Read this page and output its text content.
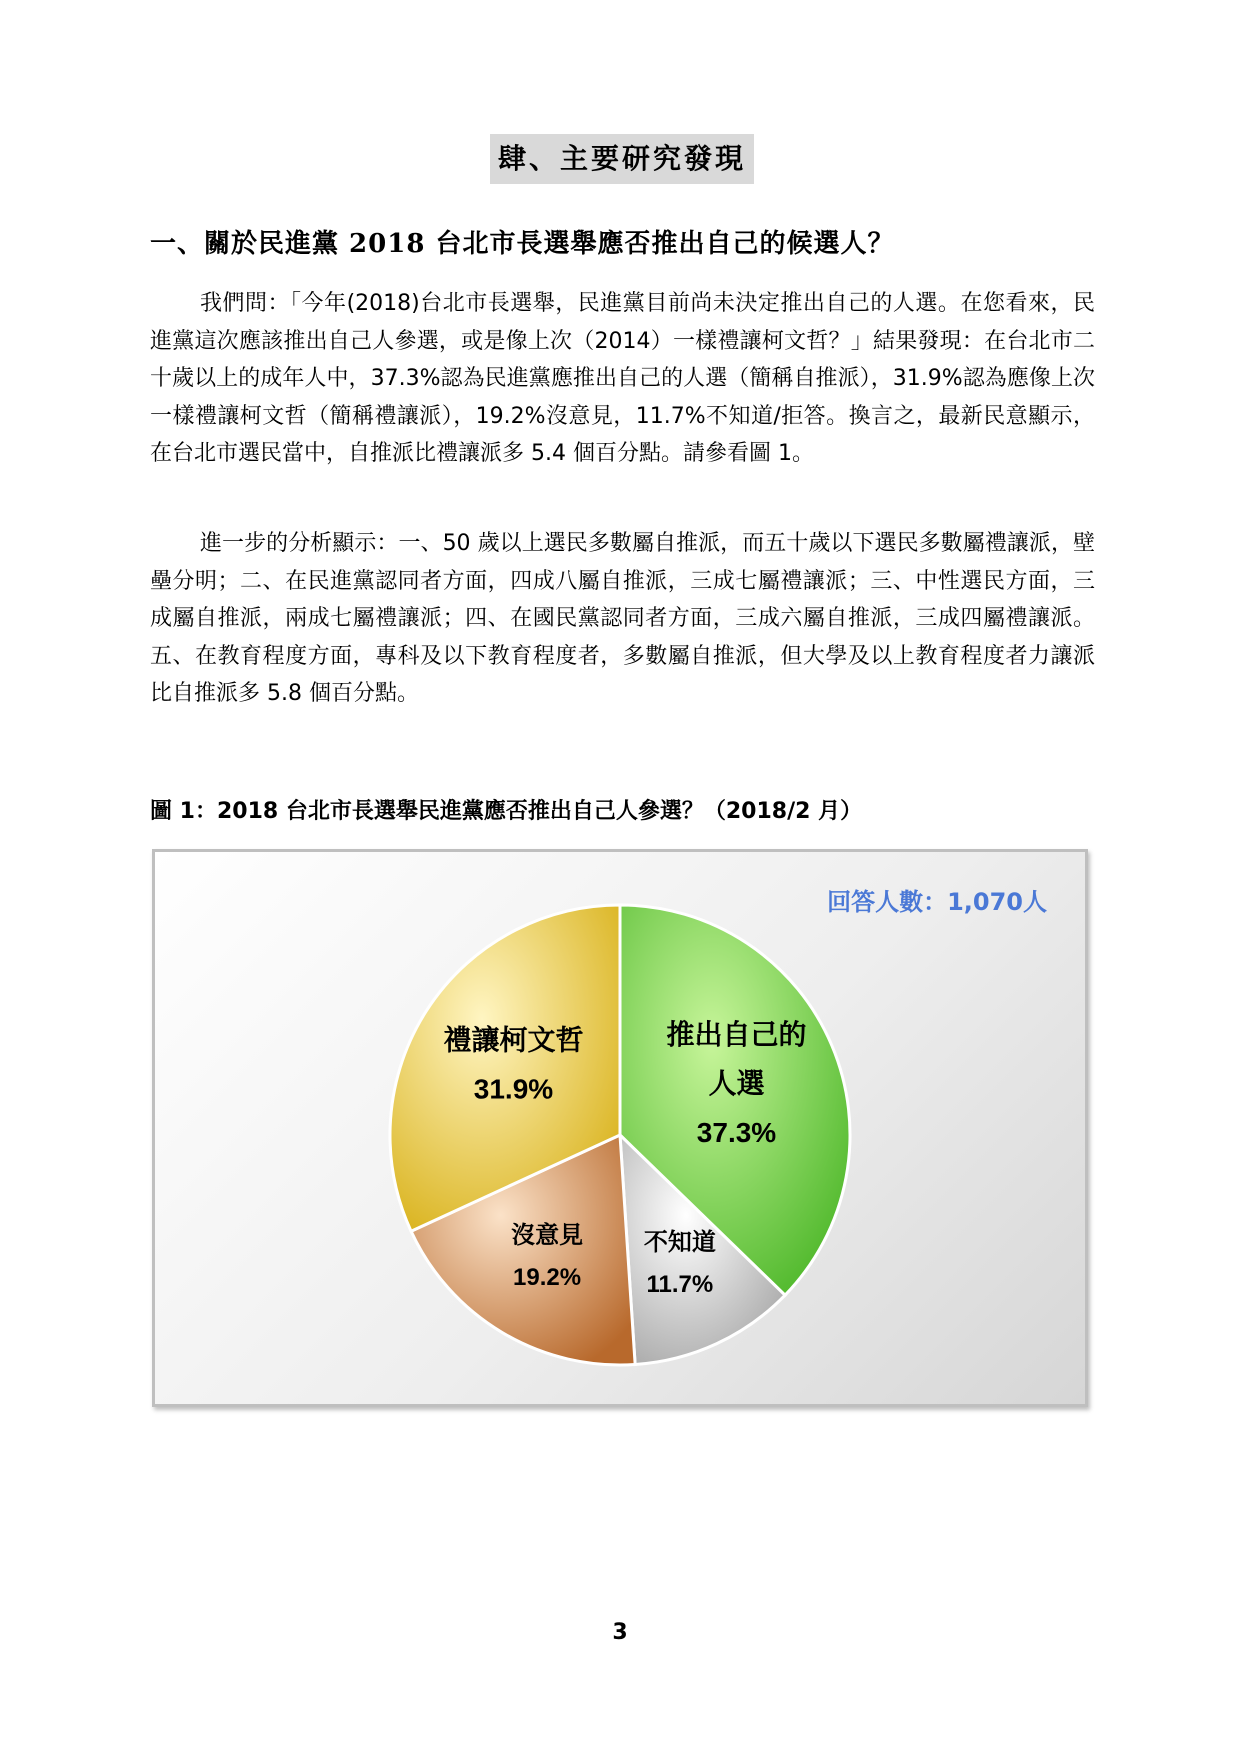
肆、主要研究發現
一、關於民進黨 2018 台北市長選舉應否推出自己的候選人？

我們問：「今年(2018)台北市長選舉，民進黨目前尚未決定推出自己的人選。在您看來，民進黨這次應該推出自己人參選，或是像上次（2014）一樣禮讓柯文哲？」結果發現：在台北市二十歲以上的成年人中，37.3%認為民進黨應推出自己的人選（簡稱自推派），31.9%認為應像上次一樣禮讓柯文哲（簡稱禮讓派），19.2%沒意見，11.7%不知道/拒答。換言之，最新民意顯示，在台北市選民當中，自推派比禮讓派多 5.4 個百分點。請參看圖 1。

進一步的分析顯示：一、50 歲以上選民多數屬自推派，而五十歲以下選民多數屬禮讓派，壁壘分明；二、在民進黨認同者方面，四成八屬自推派，三成七屬禮讓派；三、中性選民方面，三成屬自推派，兩成七屬禮讓派；四、在國民黨認同者方面，三成六屬自推派，三成四屬禮讓派。五、在教育程度方面，專科及以下教育程度者，多數屬自推派，但大學及以上教育程度者力讓派比自推派多 5.8 個百分點。

圖 1：2018 台北市長選舉民進黨應否推出自己人參選？（2018/2 月）
回答人數：1,070人
推出自己的
人選
37.3%
不知道
11.7%
沒意見
19.2%
禮讓柯文哲
31.9%
3
